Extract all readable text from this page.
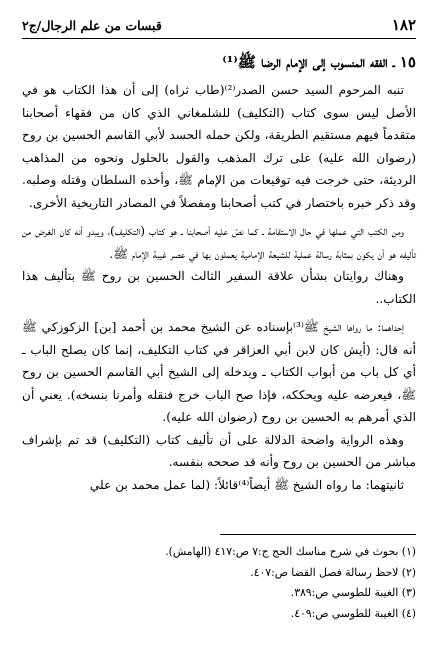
١٨٢
قبسات من علم الرجال/ج٢
١٥ ـ الفقه المنسوب إلى الإمام الرضا ﷺ⁽¹⁾

تنبه المرحوم السيد حسن الصدر⁽²⁾(طاب ثراه) إلى أن هذا الكتاب هو في الأصل ليس سوى كتاب (التكليف) للشلمغاني الذي كان من فقهاء أصحابنا متقدماً فيهم مستقيم الطريقة، ولكن حمله الحسد لأبي القاسم الحسين بن روح (رضوان الله عليه) على ترك المذهب والقول بالحلول ونحوه من المذاهب الرديئة، حتى خرجت فيه توقيعات من الإمام ﷺ، وأخذه السلطان وقتله وصلبه. وقد ذكر خبره باختصار في كتب أصحابنا ومفصلاً في المصادر التاريخية الأخرى.

ومن الكتب التي عملها في حال الاستقامة ـ كما نصّ عليه أصحابنا ـ هو كتاب (التكليف)، ويبدو أنه كان الغرض من تأليفه هو أن يكون بمثابة رسالة عملية للشيعة الإمامية يعملون بها في عصر غيبة الإمام ﷺ.

وهناك روايتان بشأن علاقة السفير الثالث الحسين بن روح ﷺ بتأليف هذا الكتاب..

إحداهما: ما رواها الشيخ ﷺ⁽³⁾بإسناده عن الشيخ محمد بن أحمد [بن] الزكوزكي ﷺ أنه قال: (أيش كان لابن أبي العزاقر في كتاب التكليف، إنما كان يصلح الباب ـ أي كل باب من أبواب الكتاب ـ ويدخله إلى الشيخ أبي القاسم الحسين بن روح ﷺ، فيعرضه عليه ويحككه، فإذا صح الباب خرج فنقله وأمرنا بنسخه). يعني أن الذي أمرهم به الحسين بن روح (رضوان الله عليه).

وهذه الرواية واضحة الدلالة على أن تأليف كتاب (التكليف) قد تم بإشراف مباشر من الحسين بن روح وأنه قد صححه بنفسه.

ثانيتهما: ما رواه الشيخ ﷺ أيضاً⁽⁴⁾قائلاً: (لما عمل محمد بن علي

(١) بحوث في شرح مناسك الحج ج:٧ ص:٤١٧ (الهامش).
(٢) لاحظ رسالة فصل القضا ص:٤٠٧.
(٣) الغيبة للطوسي ص:٣٨٩.
(٤) الغيبة للطوسي ص:٤٠٩.
